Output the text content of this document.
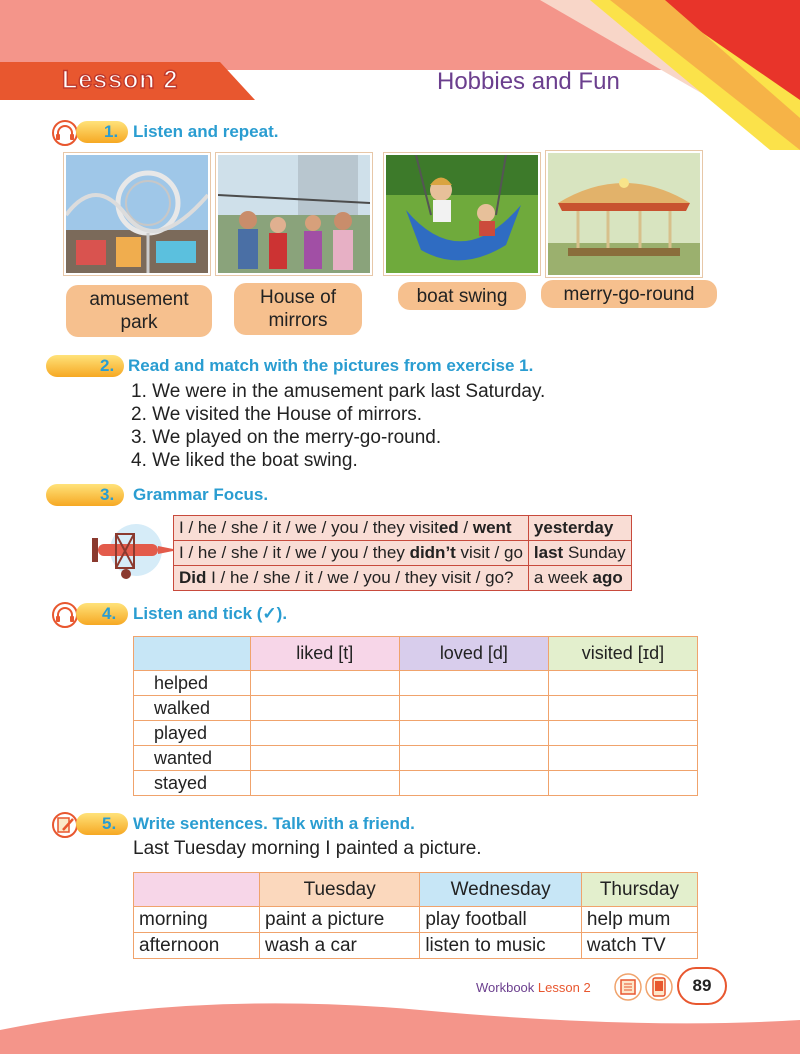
Lesson 2	Hobbies and Fun
1. Listen and repeat.
amusement
park
House of
mirrors
boat swing	merry-go-round
2. Read and match with the pictures from exercise 1.
1. We were in the amusement park last Saturday.
2. We visited the House of mirrors.
3. We played on the merry-go-round.
4. We liked the boat swing.
3. Grammar Focus.
I / he / she / it / we / you / they visited / went	yesterday
I / he / she / it / we / you / they didn’t visit / go	last Sunday
Did I / he / she / it / we / you / they visit / go?	a week ago
4. Listen and tick (✓).
	liked [t]	loved [d]	visited [ɪd]
helped			
walked			
played			
wanted			
stayed			
5. Write sentences. Talk with a friend.
Last Tuesday morning I painted a picture.
	Tuesday	Wednesday	Thursday
morning	paint a picture	play football	help mum
afternoon	wash a car	listen to music	watch TV
Workbook Lesson 2	89
